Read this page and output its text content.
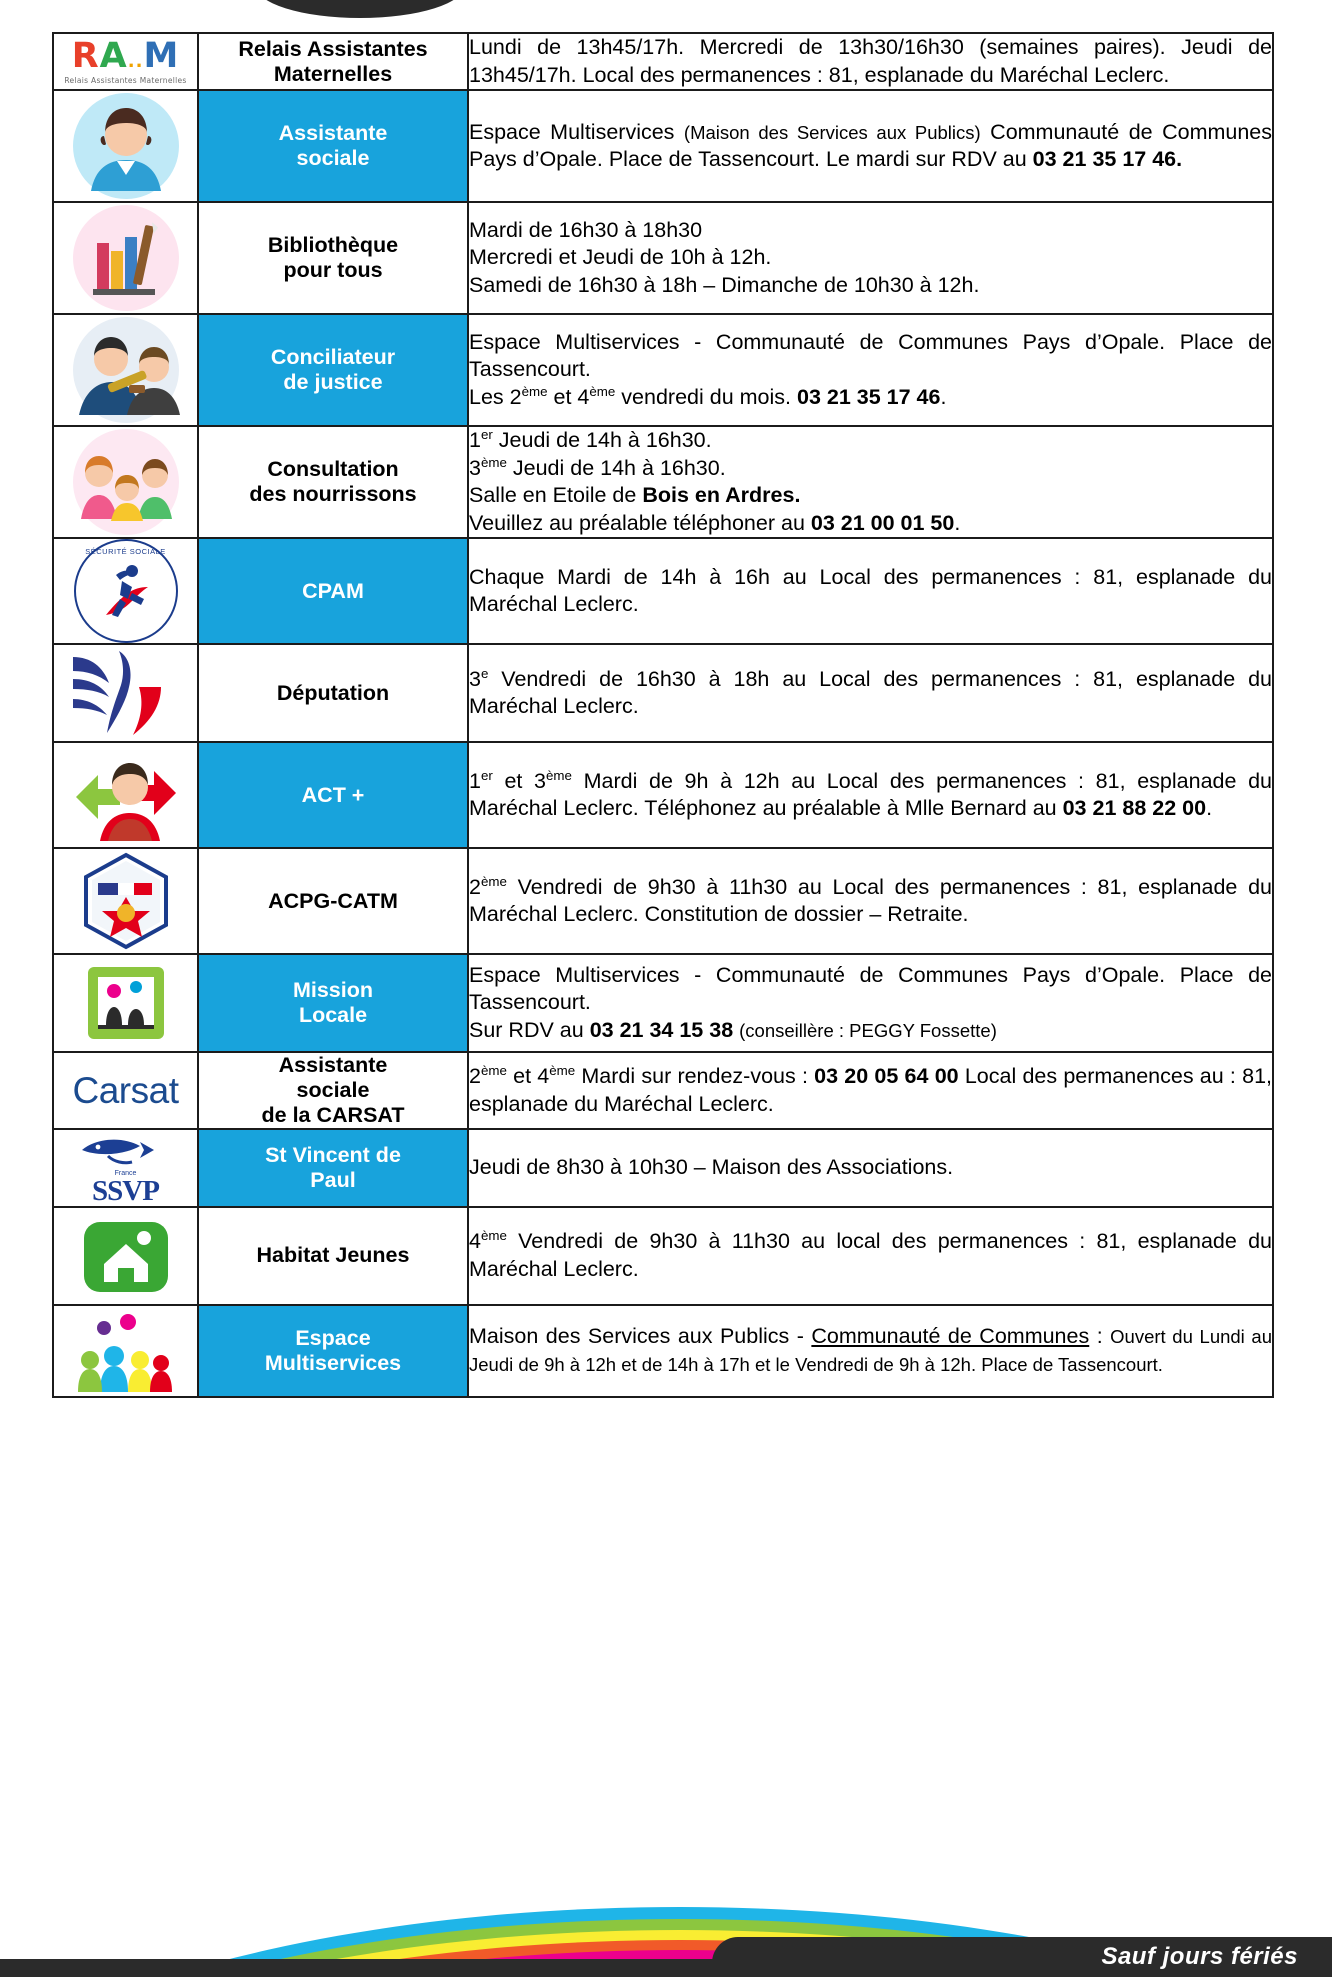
RA..M
Relais Assistantes Maternelles

Relais Assistantes
Maternelles
	Lundi de 13h45/17h. Mercredi de 13h30/16h30 (semaines paires). Jeudi de 13h45/17h. Local des permanences : 81, esplanade du Maréchal Leclerc.

Assistante
sociale	Espace Multiservices (Maison des Services aux Publics) Communauté de Communes Pays d’Opale. Place de Tassencourt. Le mardi sur RDV au 03 21 35 17 46.

Bibliothèque
pour tous	Mardi de 16h30 à 18h30
Mercredi et Jeudi de 10h à 12h.
Samedi de 16h30 à 18h – Dimanche de 10h30 à 12h.

Conciliateur
de justice	Espace Multiservices - Communauté de Communes Pays d’Opale. Place de Tassencourt.
Les 2ème et 4ème vendredi du mois. 03 21 35 17 46.

Consultation
des nourrissons	1er Jeudi de 14h à 16h30.
3ème Jeudi de 14h à 16h30.
Salle en Etoile de Bois en Ardres.
Veuillez au préalable téléphoner au 03 21 00 01 50.

SÉCURITÉ SOCIALE	CPAM	Chaque Mardi de 14h à 16h au Local des permanences : 81, esplanade du Maréchal Leclerc.

Députation	3e Vendredi de 16h30 à 18h au Local des permanences : 81, esplanade du Maréchal Leclerc.

ACT +	1er et 3ème Mardi de 9h à 12h au Local des permanences : 81, esplanade du Maréchal Leclerc. Téléphonez au préalable à Mlle Bernard au 03 21 88 22 00.

ACPG-CATM	2ème Vendredi de 9h30 à 11h30 au Local des permanences : 81, esplanade du Maréchal Leclerc. Constitution de dossier – Retraite.

Mission
Locale	Espace Multiservices - Communauté de Communes Pays d’Opale. Place de Tassencourt.
Sur RDV au 03 21 34 15 38 (conseillère : PEGGY Fossette)

Carsat	Assistante
sociale
de la CARSAT	2ème et 4ème Mardi sur rendez-vous : 03 20 05 64 00 Local des permanences au : 81, esplanade du Maréchal Leclerc.

France
SSVP

St Vincent de
Paul
	Jeudi de 8h30 à 10h30 – Maison des Associations.

Habitat Jeunes	4ème Vendredi de 9h30 à 11h30 au local des permanences : 81, esplanade du Maréchal Leclerc.

Espace
Multiservices	Maison des Services aux Publics - Communauté de Communes : Ouvert du Lundi au Jeudi de 9h à 12h et de 14h à 17h et le Vendredi de 9h à 12h. Place de Tassencourt.
Sauf jours fériés
